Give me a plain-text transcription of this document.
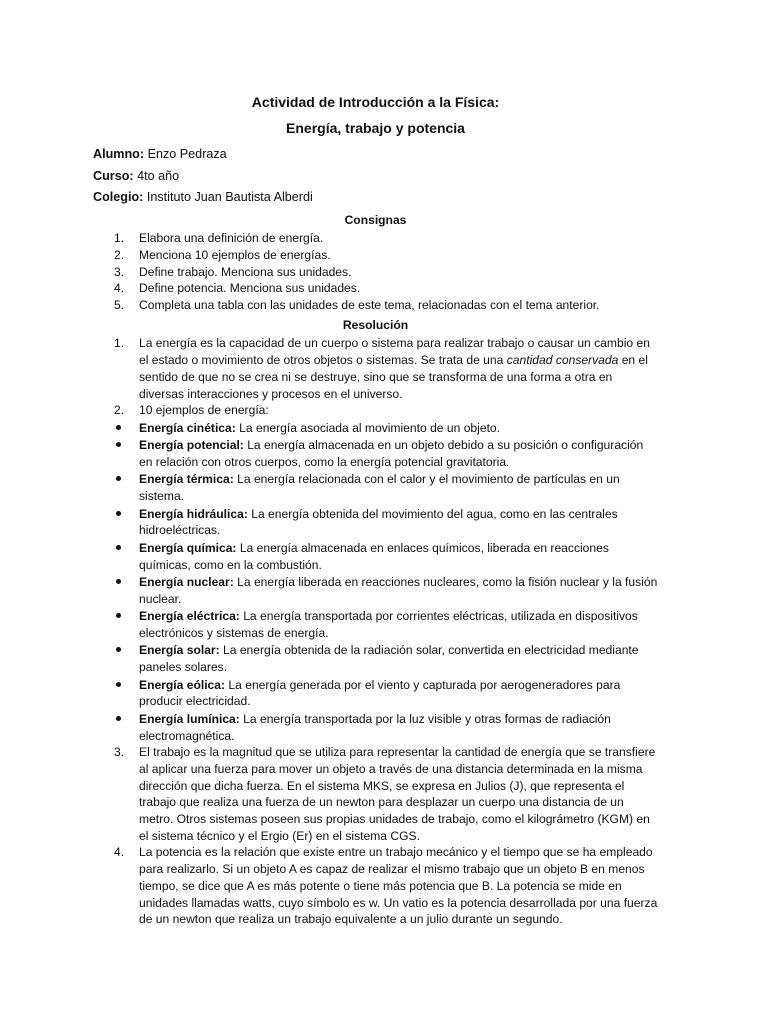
Actividad de Introducción a la Física:

Energía, trabajo y potencia

Alumno: Enzo Pedraza
Curso: 4to año
Colegio: Instituto Juan Bautista Alberdi
Consignas
1. Elabora una definición de energía.
2. Menciona 10 ejemplos de energías.
3. Define trabajo. Menciona sus unidades.
4. Define potencia. Menciona sus unidades.
5. Completa una tabla con las unidades de este tema, relacionadas con el tema anterior.
Resolución
1. La energía es la capacidad de un cuerpo o sistema para realizar trabajo o causar un cambio en el estado o movimiento de otros objetos o sistemas. Se trata de una cantidad conservada en el sentido de que no se crea ni se destruye, sino que se transforma de una forma a otra en diversas interacciones y procesos en el universo.
2. 10 ejemplos de energía:
Energía cinética: La energía asociada al movimiento de un objeto.
Energía potencial: La energía almacenada en un objeto debido a su posición o configuración en relación con otros cuerpos, como la energía potencial gravitatoria.
Energía térmica: La energía relacionada con el calor y el movimiento de partículas en un sistema.
Energía hidráulica: La energía obtenida del movimiento del agua, como en las centrales hidroeléctricas.
Energía química: La energía almacenada en enlaces químicos, liberada en reacciones químicas, como en la combustión.
Energía nuclear: La energía liberada en reacciones nucleares, como la fisión nuclear y la fusión nuclear.
Energía eléctrica: La energía transportada por corrientes eléctricas, utilizada en dispositivos electrónicos y sistemas de energía.
Energía solar: La energía obtenida de la radiación solar, convertida en electricidad mediante paneles solares.
Energía eólica: La energía generada por el viento y capturada por aerogeneradores para producir electricidad.
Energía lumínica: La energía transportada por la luz visible y otras formas de radiación electromagnética.
3. El trabajo es la magnitud que se utiliza para representar la cantidad de energía que se transfiere al aplicar una fuerza para mover un objeto a través de una distancia determinada en la misma dirección que dicha fuerza. En el sistema MKS, se expresa en Julios (J), que representa el trabajo que realiza una fuerza de un newton para desplazar un cuerpo una distancia de un metro. Otros sistemas poseen sus propias unidades de trabajo, como el kilográmetro (KGM) en el sistema técnico y el Ergio (Er) en el sistema CGS.
4. La potencia es la relación que existe entre un trabajo mecánico y el tiempo que se ha empleado para realizarlo. Si un objeto A es capaz de realizar el mismo trabajo que un objeto B en menos tiempo, se dice que A es más potente o tiene más potencia que B. La potencia se mide en unidades llamadas watts, cuyo símbolo es w. Un vatio es la potencia desarrollada por una fuerza de un newton que realiza un trabajo equivalente a un julio durante un segundo.
